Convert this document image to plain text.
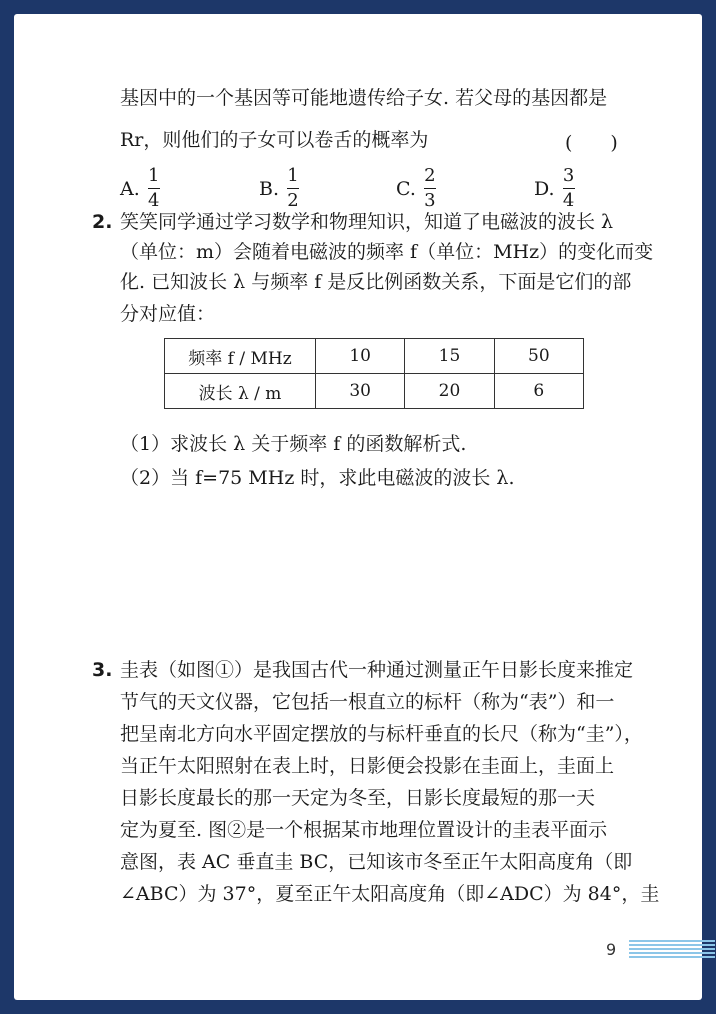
基因中的一个基因等可能地遗传给子女. 若父母的基因都是
Rr，则他们的子女可以卷舌的概率为	(　　)
A. $\frac{1}{4}$	B. $\frac{1}{2}$	C. $\frac{2}{3}$	D. $\frac{3}{4}$
2. 笑笑同学通过学习数学和物理知识，知道了电磁波的波长 λ
（单位：m）会随着电磁波的频率 f（单位：MHz）的变化而变
化. 已知波长 λ 与频率 f 是反比例函数关系，下面是它们的部
分对应值：
频率 f / MHz	10	15	50
波长 λ / m	30	20	6
（1）求波长 λ 关于频率 f 的函数解析式.
（2）当 f=75 MHz 时，求此电磁波的波长 λ.
3. 圭表（如图①）是我国古代一种通过测量正午日影长度来推定
节气的天文仪器，它包括一根直立的标杆（称为“表”）和一
把呈南北方向水平固定摆放的与标杆垂直的长尺（称为“圭”），
当正午太阳照射在表上时，日影便会投影在圭面上，圭面上
日影长度最长的那一天定为冬至，日影长度最短的那一天
定为夏至. 图②是一个根据某市地理位置设计的圭表平面示
意图，表 AC 垂直圭 BC，已知该市冬至正午太阳高度角（即
∠ABC）为 37°，夏至正午太阳高度角（即∠ADC）为 84°，圭
9
